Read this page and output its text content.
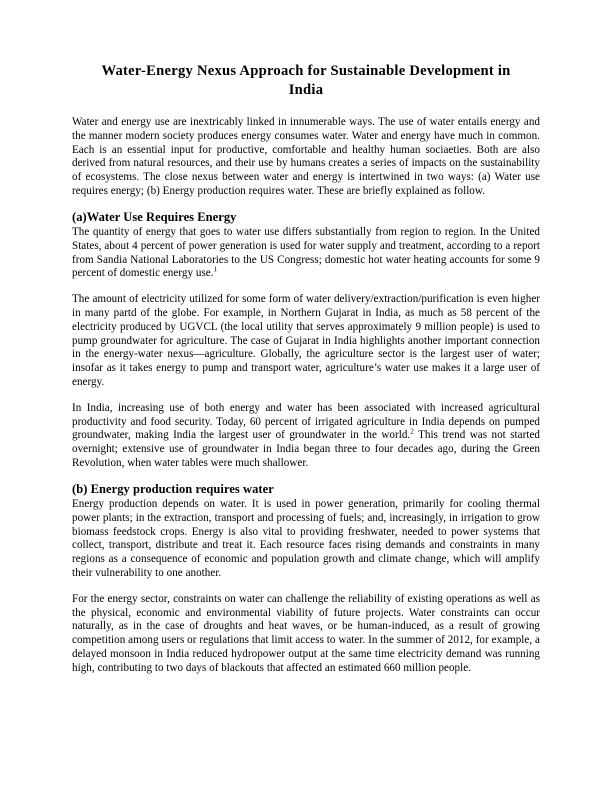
Water-Energy Nexus Approach for Sustainable Development in India

Water and energy use are inextricably linked in innumerable ways. The use of water entails energy and the manner modern society produces energy consumes water. Water and energy have much in common. Each is an essential input for productive, comfortable and healthy human sociaeties. Both are also derived from natural resources, and their use by humans creates a series of impacts on the sustainability of ecosystems. The close nexus between water and energy is intertwined in two ways: (a) Water use requires energy; (b) Energy production requires water. These are briefly explained as follow.

(a)Water Use Requires Energy

The quantity of energy that goes to water use differs substantially from region to region. In the United States, about 4 percent of power generation is used for water supply and treatment, according to a report from Sandia National Laboratories to the US Congress; domestic hot water heating accounts for some 9 percent of domestic energy use.$^1$

The amount of electricity utilized for some form of water delivery/extraction/purification is even higher in many partd of the globe. For example, in Northern Gujarat in India, as much as 58 percent of the electricity produced by UGVCL (the local utility that serves approximately 9 million people) is used to pump groundwater for agriculture. The case of Gujarat in India highlights another important connection in the energy-water nexus—agriculture. Globally, the agriculture sector is the largest user of water; insofar as it takes energy to pump and transport water, agriculture’s water use makes it a large user of energy.

In India, increasing use of both energy and water has been associated with increased agricultural productivity and food security. Today, 60 percent of irrigated agriculture in India depends on pumped groundwater, making India the largest user of groundwater in the world.$^2$ This trend was not started overnight; extensive use of groundwater in India began three to four decades ago, during the Green Revolution, when water tables were much shallower.

(b) Energy production requires water

Energy production depends on water. It is used in power generation, primarily for cooling thermal power plants; in the extraction, transport and processing of fuels; and, increasingly, in irrigation to grow biomass feedstock crops. Energy is also vital to providing freshwater, needed to power systems that collect, transport, distribute and treat it. Each resource faces rising demands and constraints in many regions as a consequence of economic and population growth and climate change, which will amplify their vulnerability to one another.

For the energy sector, constraints on water can challenge the reliability of existing operations as well as the physical, economic and environmental viability of future projects. Water constraints can occur naturally, as in the case of droughts and heat waves, or be human-induced, as a result of growing competition among users or regulations that limit access to water. In the summer of 2012, for example, a delayed monsoon in India reduced hydropower output at the same time electricity demand was running high, contributing to two days of blackouts that affected an estimated 660 million people.
